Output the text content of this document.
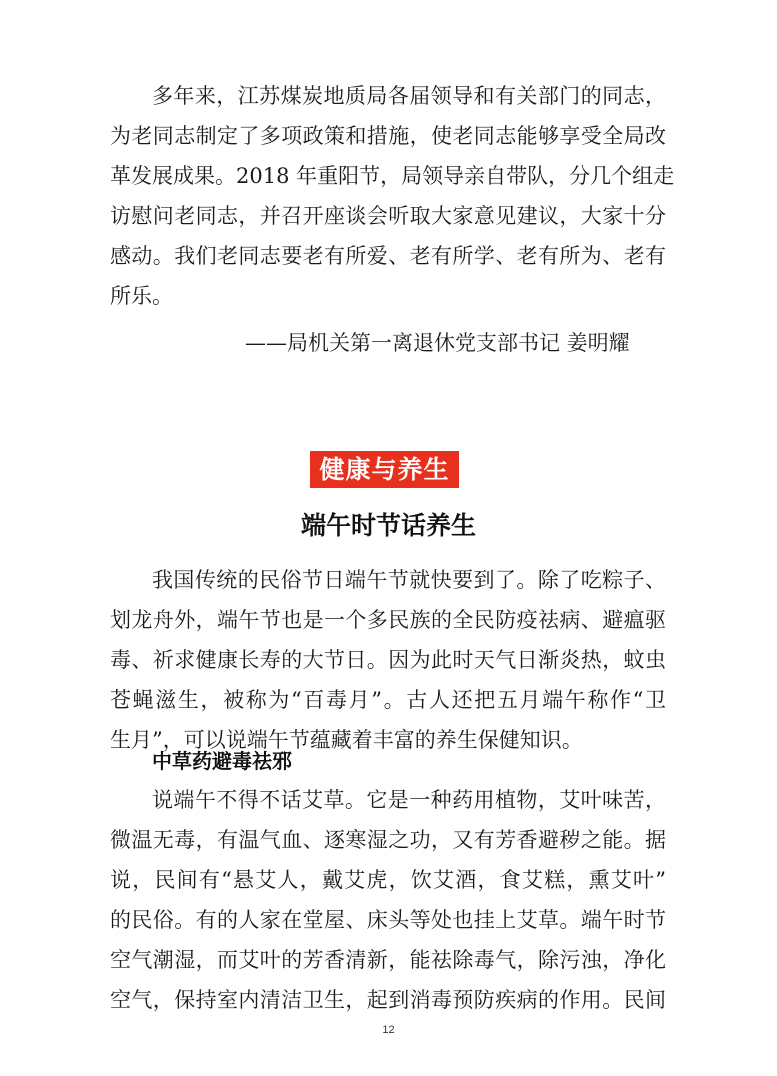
多年来，江苏煤炭地质局各届领导和有关部门的同志，
为老同志制定了多项政策和措施，使老同志能够享受全局改
革发展成果。2018 年重阳节，局领导亲自带队，分几个组走
访慰问老同志，并召开座谈会听取大家意见建议，大家十分
感动。我们老同志要老有所爱、老有所学、老有所为、老有
所乐。
——局机关第一离退休党支部书记 姜明耀
健康与养生
端午时节话养生
我国传统的民俗节日端午节就快要到了。除了吃粽子、
划龙舟外，端午节也是一个多民族的全民防疫祛病、避瘟驱
毒、祈求健康长寿的大节日。因为此时天气日渐炎热，蚊虫
苍蝇滋生，被称为“百毒月”。古人还把五月端午称作“卫
生月”，可以说端午节蕴藏着丰富的养生保健知识。
中草药避毒祛邪
说端午不得不话艾草。它是一种药用植物，艾叶味苦，
微温无毒，有温气血、逐寒湿之功，又有芳香避秽之能。据
说，民间有“悬艾人，戴艾虎，饮艾酒，食艾糕，熏艾叶”
的民俗。有的人家在堂屋、床头等处也挂上艾草。端午时节
空气潮湿，而艾叶的芳香清新，能祛除毒气，除污浊，净化
空气，保持室内清洁卫生，起到消毒预防疾病的作用。民间
12
